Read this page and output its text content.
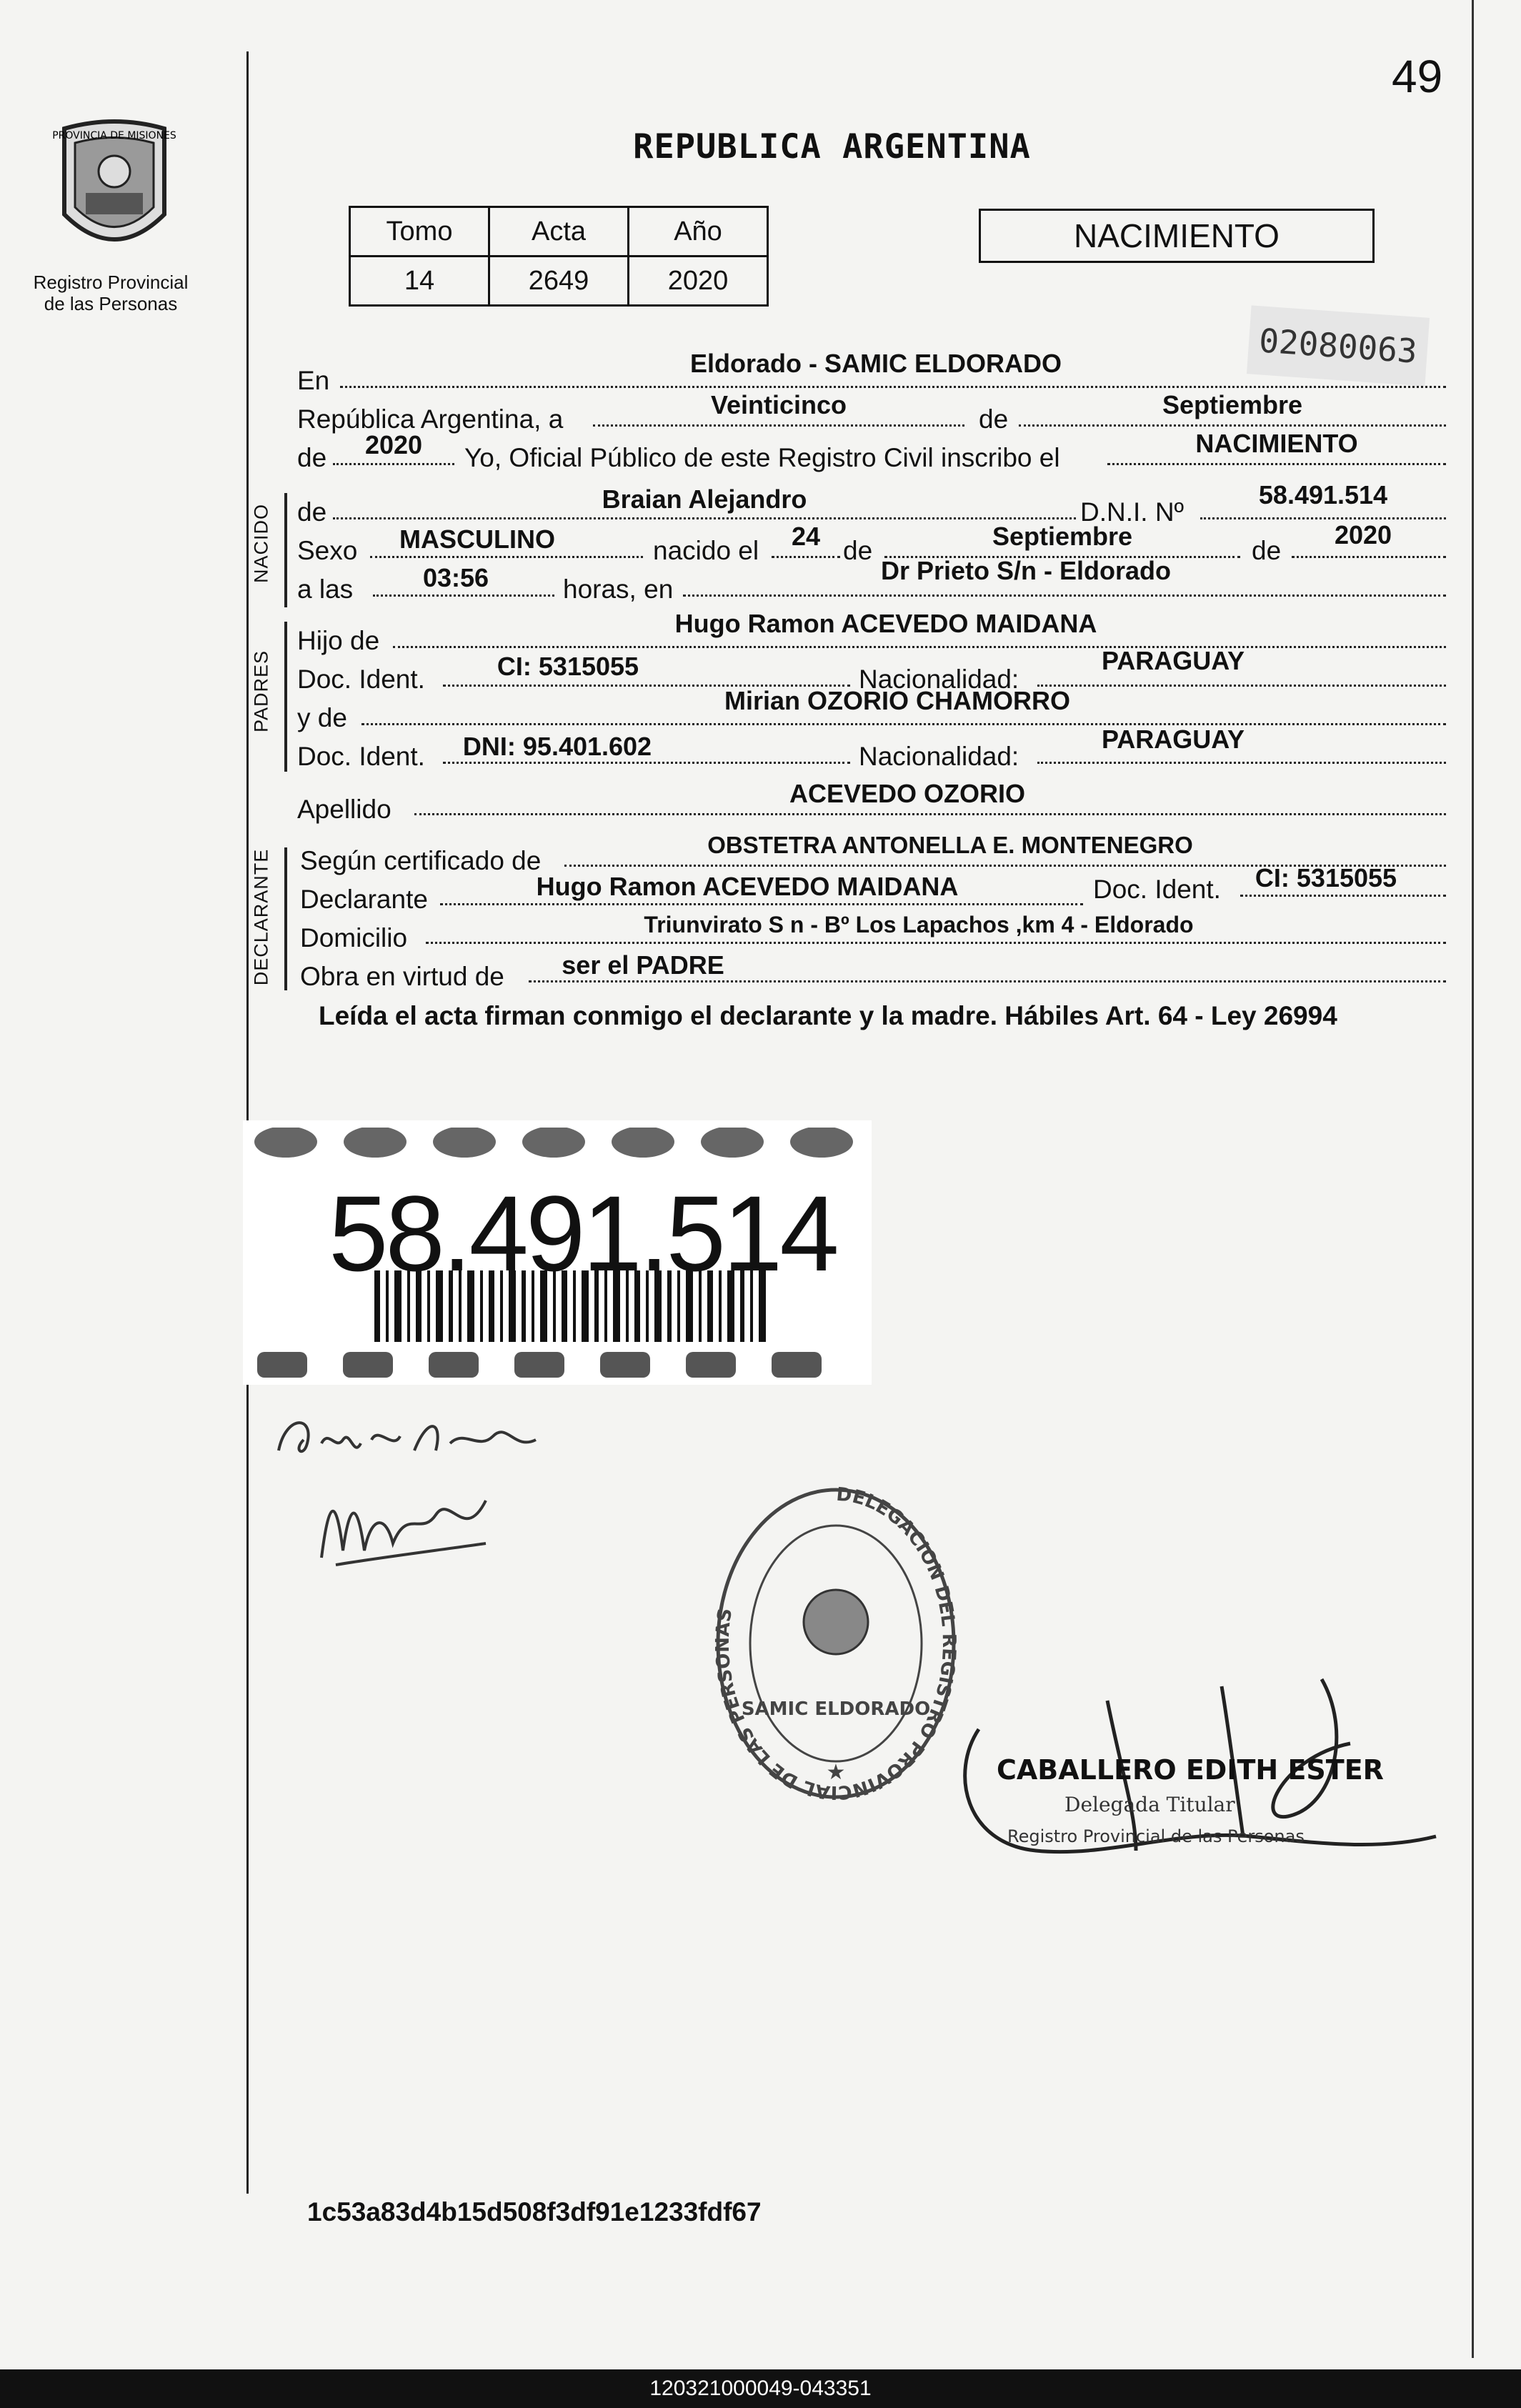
49
PROVINCIA DE MISIONES
Registro Provincial
de las Personas
REPUBLICA ARGENTINA
Tomo	Acta	Año
14	2649	2020
NACIMIENTO
02080063
En
Eldorado - SAMIC ELDORADO
República Argentina, a	Veinticinco	de	Septiembre
de	2020	Yo, Oficial Público de este Registro Civil inscribo el	NACIMIENTO
NACIDO de	Braian Alejandro	D.N.I. Nº
58.491.514
Sexo	MASCULINO	nacido el	24 de	Septiembre	de
2020
a las	03:56	horas, en
Dr Prieto S/n - Eldorado
PADRES
Hijo de
Hugo Ramon ACEVEDO MAIDANA
Doc. Ident.	CI: 5315055	Nacionalidad:
PARAGUAY
y de
Mirian OZORIO CHAMORRO
Doc. Ident.	DNI: 95.401.602	Nacionalidad:
PARAGUAY
Apellido
ACEVEDO OZORIO
DECLARANTE Según certificado de
OBSTETRA ANTONELLA E. MONTENEGRO
Declarante	Hugo Ramon ACEVEDO MAIDANA	Doc. Ident.	CI: 5315055
Domicilio	Triunvirato S n - Bº Los Lapachos ,km 4 - Eldorado
Obra en virtud de	ser el PADRE
Leída el acta firman conmigo el declarante y la madre. Hábiles Art. 64 - Ley 26994
58.491.514
DELEGACION DEL REGISTRO PROVINCIAL DE LAS PERSONAS
SAMIC ELDORADO
★	CABALLERO EDITH ESTER
Delegada Titular
Registro Provincial de las Personas
1c53a83d4b15d508f3df91e1233fdf67
120321000049-043351
